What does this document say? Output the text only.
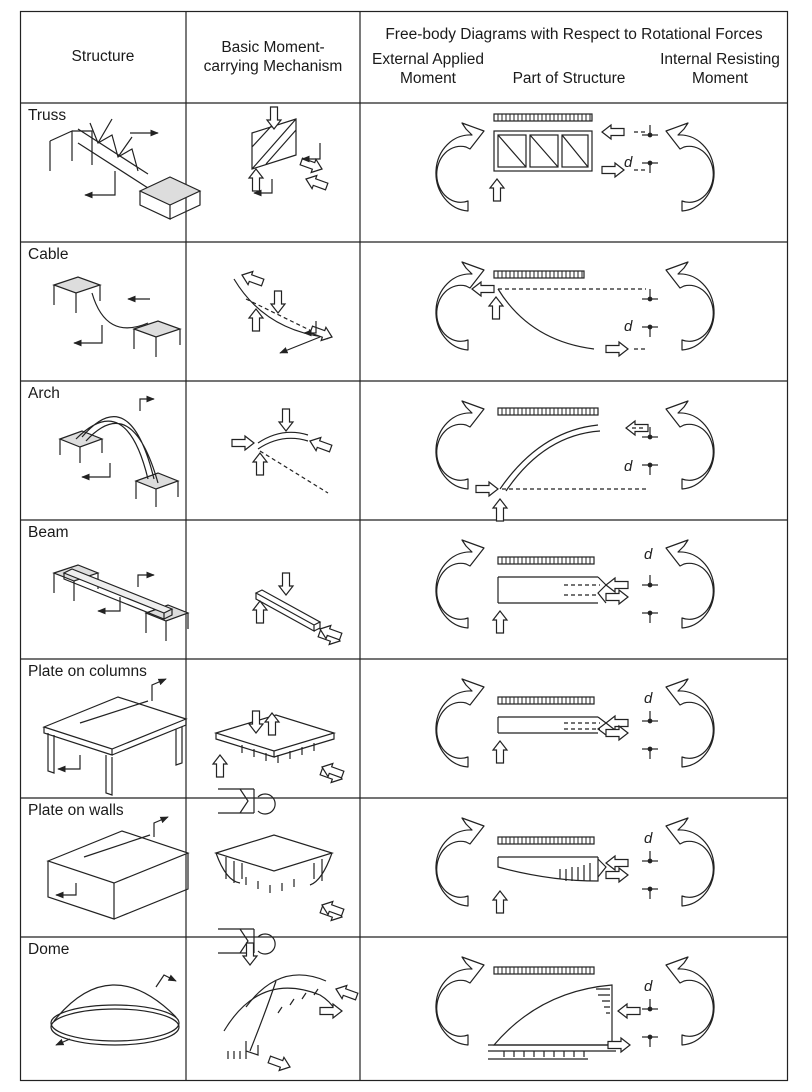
Structure
Basic Moment-
carrying Mechanism
Free-body Diagrams with Respect to Rotational Forces
External Applied
Moment	Part of Structure
Internal Resisting
Moment
Truss
Cable
Arch
Beam
Plate on columns
Plate on walls
Dome
d
d
d
d
d
d
d
